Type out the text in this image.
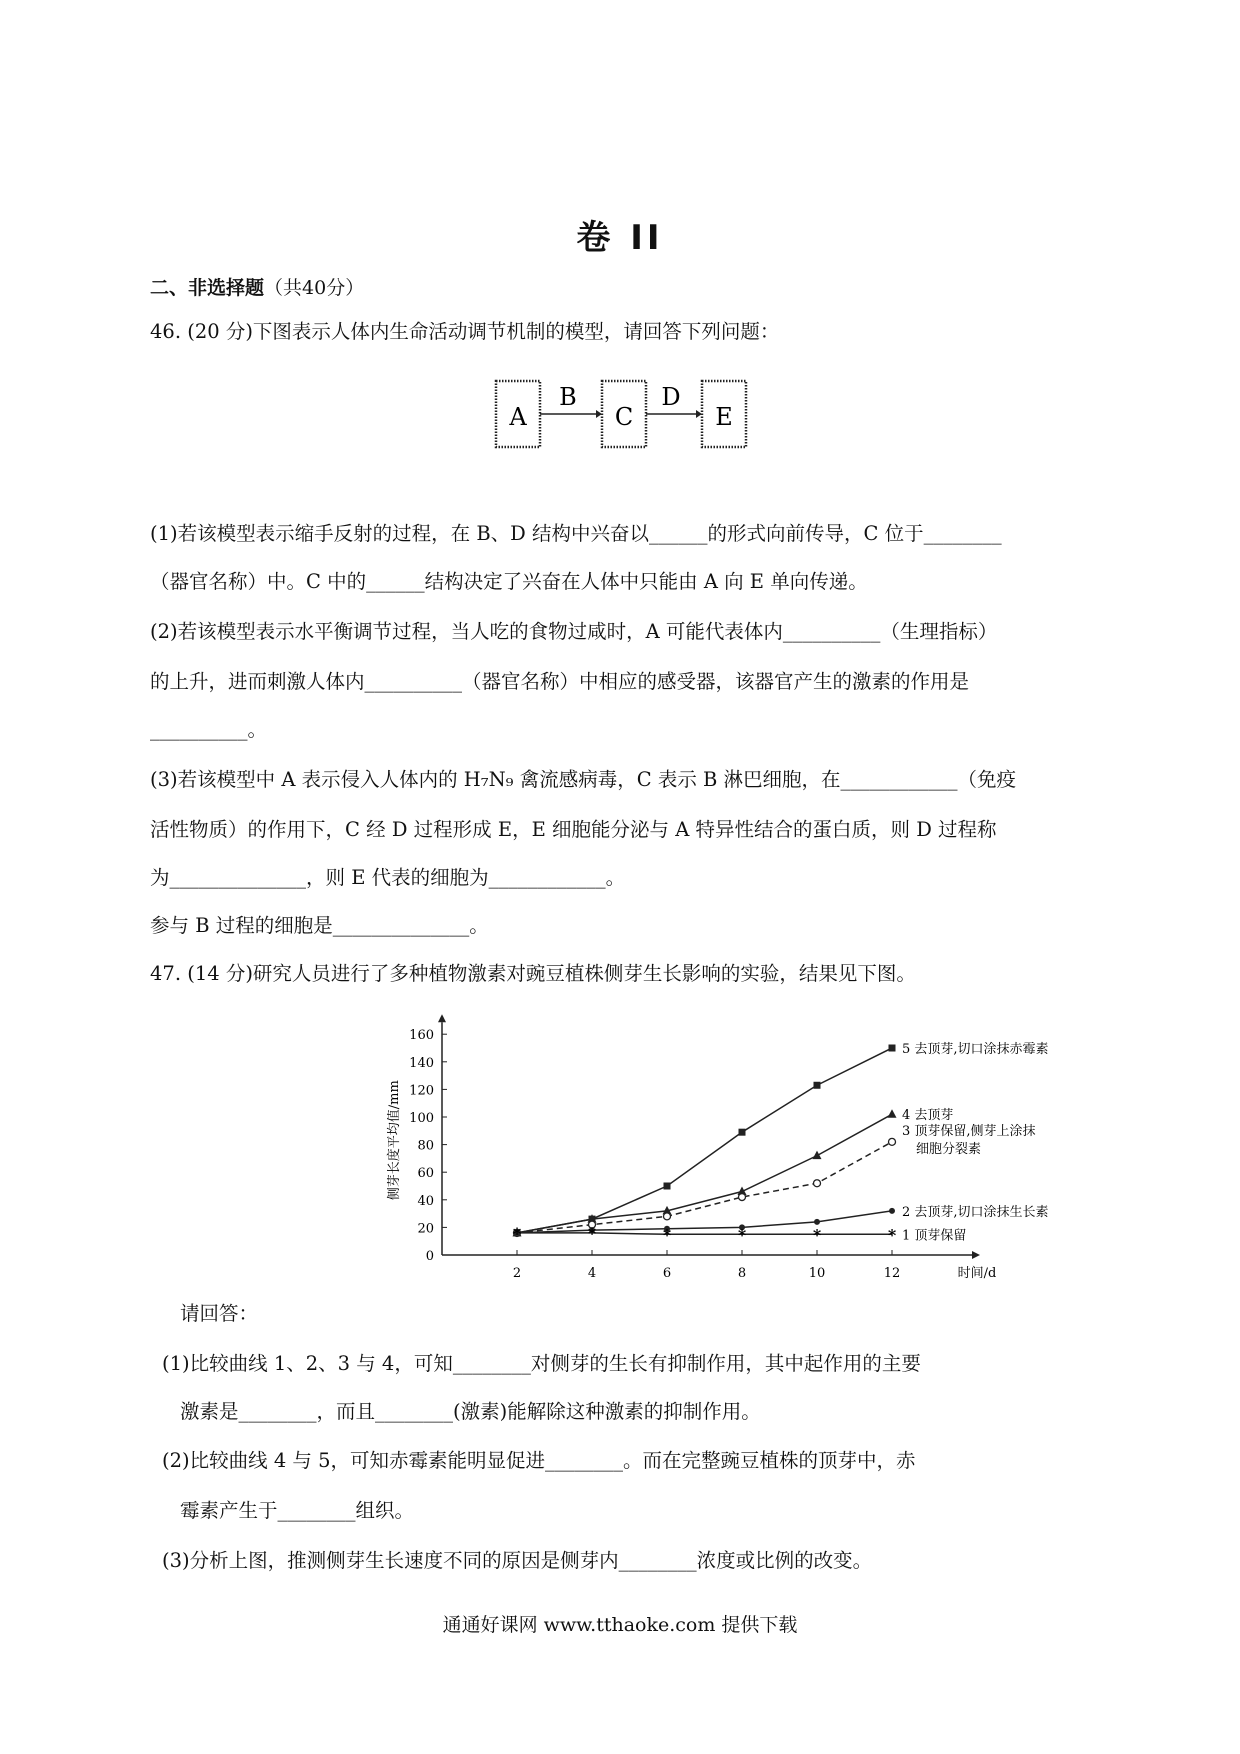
卷 II
二、非选择题（共40分）
46. (20 分)下图表示人体内生命活动调节机制的模型，请回答下列问题：
A
B
C
D
E
(1)若该模型表示缩手反射的过程，在 B、D 结构中兴奋以______的形式向前传导，C 位于________
（器官名称）中。C 中的______结构决定了兴奋在人体中只能由 A 向 E 单向传递。
(2)若该模型表示水平衡调节过程，当人吃的食物过咸时，A 可能代表体内__________（生理指标）
的上升，进而刺激人体内__________（器官名称）中相应的感受器，该器官产生的激素的作用是
__________。
(3)若该模型中 A 表示侵入人体内的 H₇N₉ 禽流感病毒，C 表示 B 淋巴细胞，在____________（免疫
活性物质）的作用下，C 经 D 过程形成 E，E 细胞能分泌与 A 特异性结合的蛋白质，则 D 过程称
为______________，则 E 代表的细胞为____________。
参与 B 过程的细胞是______________。
47. (14 分)研究人员进行了多种植物激素对豌豆植株侧芽生长影响的实验，结果见下图。
0
20
40
60
80
100
120
140
160
2	4	6	8	10	12	时间/d
侧芽长度平均值/mm
5 去顶芽,切口涂抹赤霉素
4 去顶芽
3 顶芽保留,侧芽上涂抹
细胞分裂素
2 去顶芽,切口涂抹生长素
*	*	*	*	*	* 1 顶芽保留
请回答：
(1)比较曲线 1、2、3 与 4，可知________对侧芽的生长有抑制作用，其中起作用的主要
激素是________，而且________(激素)能解除这种激素的抑制作用。
(2)比较曲线 4 与 5，可知赤霉素能明显促进________。而在完整豌豆植株的顶芽中，赤
霉素产生于________组织。
(3)分析上图，推测侧芽生长速度不同的原因是侧芽内________浓度或比例的改变。
通通好课网 www.tthaoke.com 提供下载
